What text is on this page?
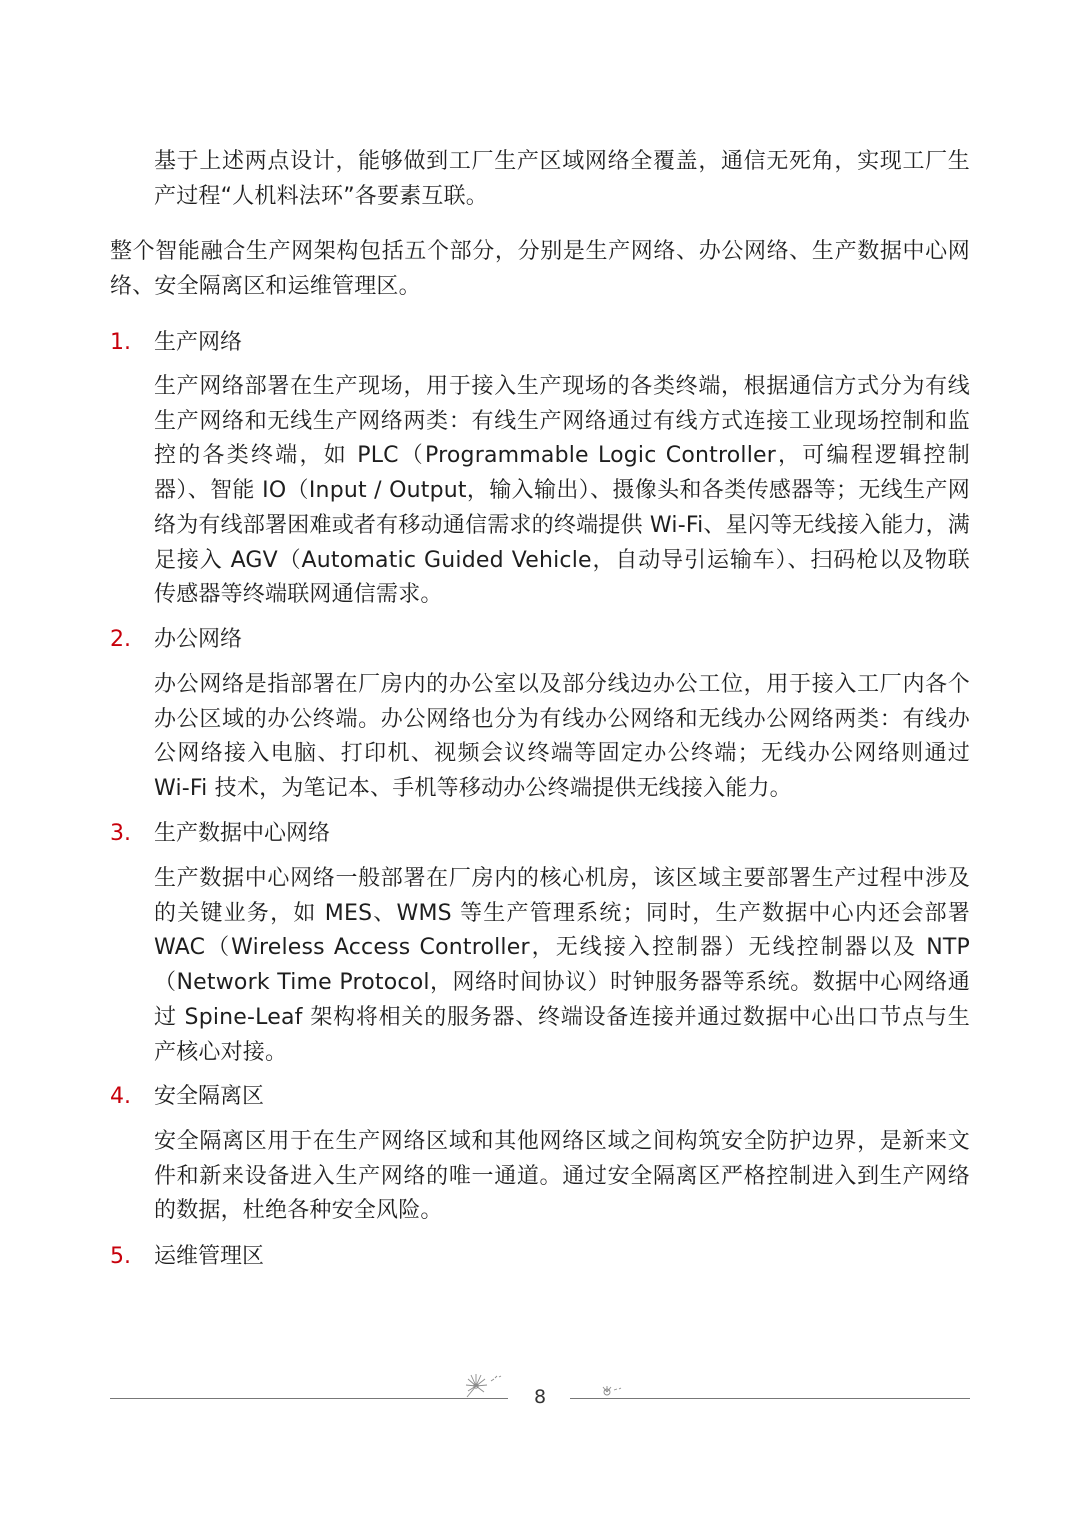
基于上述两点设计，能够做到工厂生产区域网络全覆盖，通信无死角，实现工厂生产过程“人机料法环”各要素互联。

整个智能融合生产网架构包括五个部分，分别是生产网络、办公网络、生产数据中心网络、安全隔离区和运维管理区。

1.	生产网络

生产网络部署在生产现场，用于接入生产现场的各类终端，根据通信方式分为有线生产网络和无线生产网络两类：有线生产网络通过有线方式连接工业现场控制和监控的各类终端，如 PLC（Programmable Logic Controller，可编程逻辑控制器）、智能 IO（Input / Output，输入输出）、摄像头和各类传感器等；无线生产网络为有线部署困难或者有移动通信需求的终端提供 Wi-Fi、星闪等无线接入能力，满足接入 AGV（Automatic Guided Vehicle，自动导引运输车）、扫码枪以及物联传感器等终端联网通信需求。

2.	办公网络

办公网络是指部署在厂房内的办公室以及部分线边办公工位，用于接入工厂内各个办公区域的办公终端。办公网络也分为有线办公网络和无线办公网络两类：有线办公网络接入电脑、打印机、视频会议终端等固定办公终端；无线办公网络则通过 Wi-Fi 技术，为笔记本、手机等移动办公终端提供无线接入能力。

3.	生产数据中心网络

生产数据中心网络一般部署在厂房内的核心机房，该区域主要部署生产过程中涉及的关键业务，如 MES、WMS 等生产管理系统；同时，生产数据中心内还会部署 WAC（Wireless Access Controller，无线接入控制器）无线控制器以及 NTP（Network Time Protocol，网络时间协议）时钟服务器等系统。数据中心网络通过 Spine-Leaf 架构将相关的服务器、终端设备连接并通过数据中心出口节点与生产核心对接。

4.	安全隔离区

安全隔离区用于在生产网络区域和其他网络区域之间构筑安全防护边界，是新来文件和新来设备进入生产网络的唯一通道。通过安全隔离区严格控制进入到生产网络的数据，杜绝各种安全风险。

5.	运维管理区
8
